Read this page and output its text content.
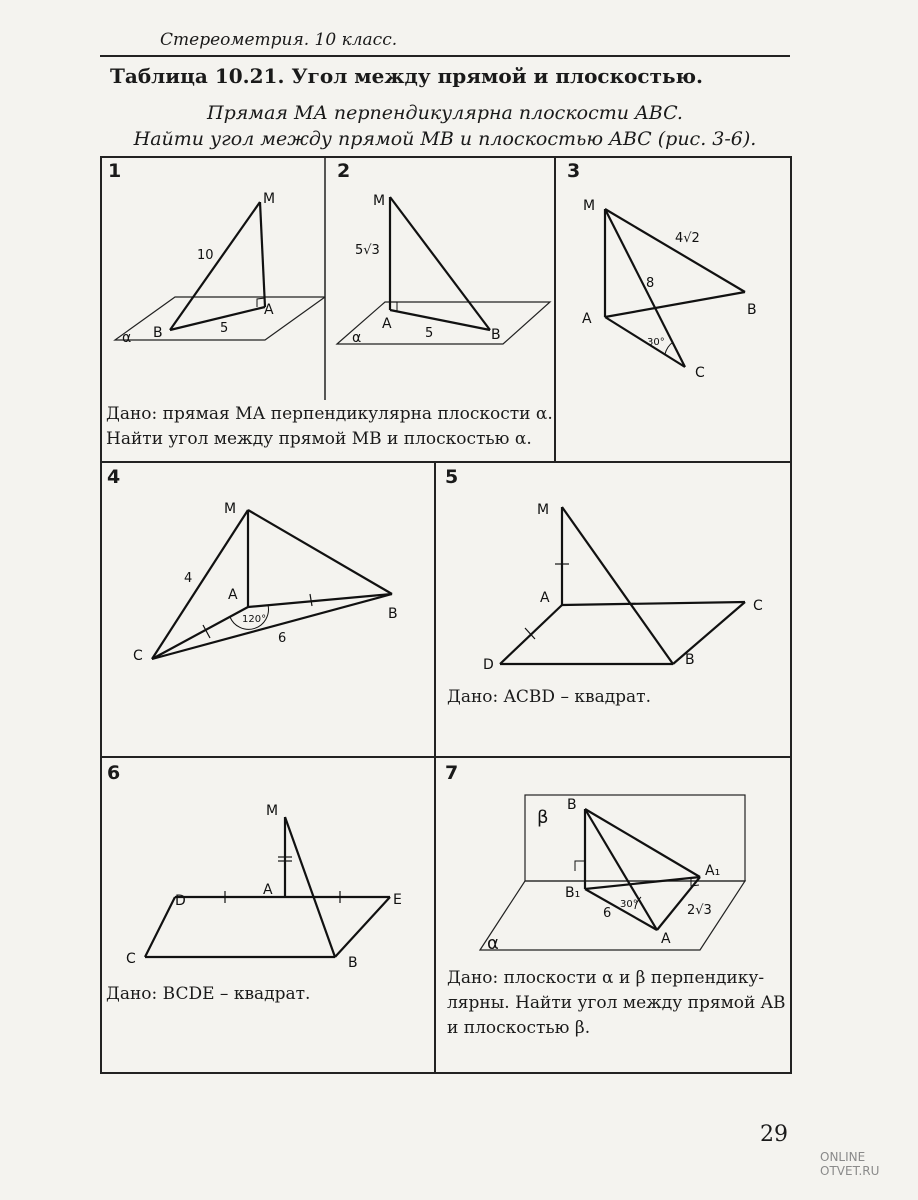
Стереометрия. 10 класс.
Таблица 10.21. Угол между прямой и плоскостью.
Прямая МА перпендикулярна плоскости ABC.
Найти угол между прямой MB и плоскостью ABC (рис. 3-6).
1
M
A
B
α
10
5
2
M
A
B
α
5√3
5
Дано: прямая МА перпендикулярна плоскости α.
Найти угол между прямой МВ и плоскостью α.
3
M
A
B
C
4√2
8
30°
4
M
A
B
C
4
6
120°
5
M
A
B
C
D
Дано: ACBD – квадрат.
6
M
A
B
C
D	E
Дано: BCDE – квадрат.
7
β
α
B
B₁
A
A₁
6	2√3
30°
Дано: плоскости α и β перпендику-
лярны. Найти угол между прямой AB
и плоскостью β.
29
ONLINE
OTVET.RU
